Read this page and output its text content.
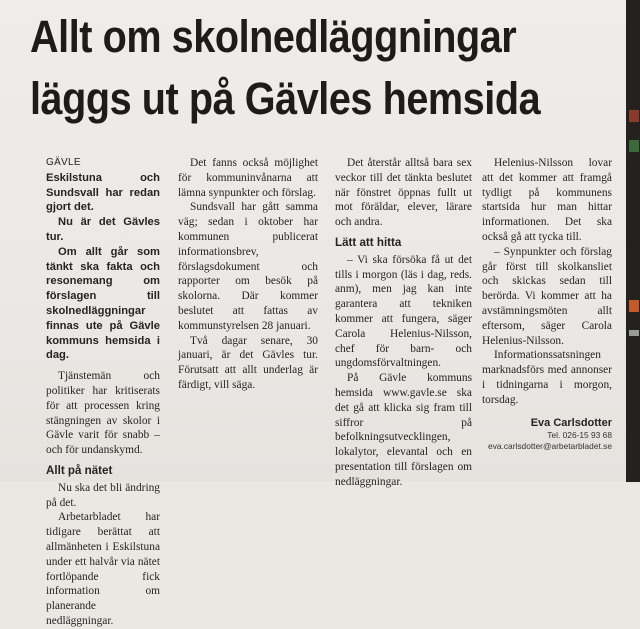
Allt om skolnedläggningar
läggs ut på Gävles hemsida
GÄVLE

Eskilstuna och Sundsvall har redan gjort det.

Nu är det Gävles tur.

Om allt går som tänkt ska fakta och resonemang om förslagen till skolnedläggningar finnas ute på Gävle kommuns hemsida i dag.

Tjänstemän och politiker har kritiserats för att processen kring stängningen av skolor i Gävle varit för snabb – och för undanskymd.

Allt på nätet

Nu ska det bli ändring på det.

Arbetarbladet har tidigare berättat att allmänheten i Eskilstuna under ett halvår via nätet fortlöpande fick information om planerande nedläggningar.

Det fanns också möjlighet för kommuninvånarna att lämna synpunkter och förslag.

Sundsvall har gått samma väg; sedan i oktober har kommunen publicerat informationsbrev, förslagsdokument och rapporter om besök på skolorna. Där kommer beslutet att fattas av kommunstyrelsen 28 januari.

Två dagar senare, 30 januari, är det Gävles tur. Förutsatt att allt underlag är färdigt, vill säga.

Det återstår alltså bara sex veckor till det tänkta beslutet när fönstret öppnas fullt ut mot föräldar, elever, lärare och andra.

Lätt att hitta

– Vi ska försöka få ut det tills i morgon (läs i dag, reds. anm), men jag kan inte garantera att tekniken kommer att fungera, säger Carola Helenius-Nilsson, chef för barn- och ungdomsförvaltningen.

På Gävle kommuns hemsida www.gavle.se ska det gå att klicka sig fram till siffror på befolkningsutvecklingen, lokalytor, elevantal och en presentation till förslagen om nedläggningar.

Helenius-Nilsson lovar att det kommer att framgå tydligt på kommunens startsida hur man hittar informationen. Det ska också gå att tycka till.

– Synpunkter och förslag går först till skolkansliet och skickas sedan till berörda. Vi kommer att ha avstämningsmöten allt eftersom, säger Carola Helenius-Nilsson.

Informationssatsningen marknadsförs med annonser i tidningarna i morgon, torsdag.

Eva Carlsdotter

Tel. 026-15 93 68

eva.carlsdotter@arbetarbladet.se
